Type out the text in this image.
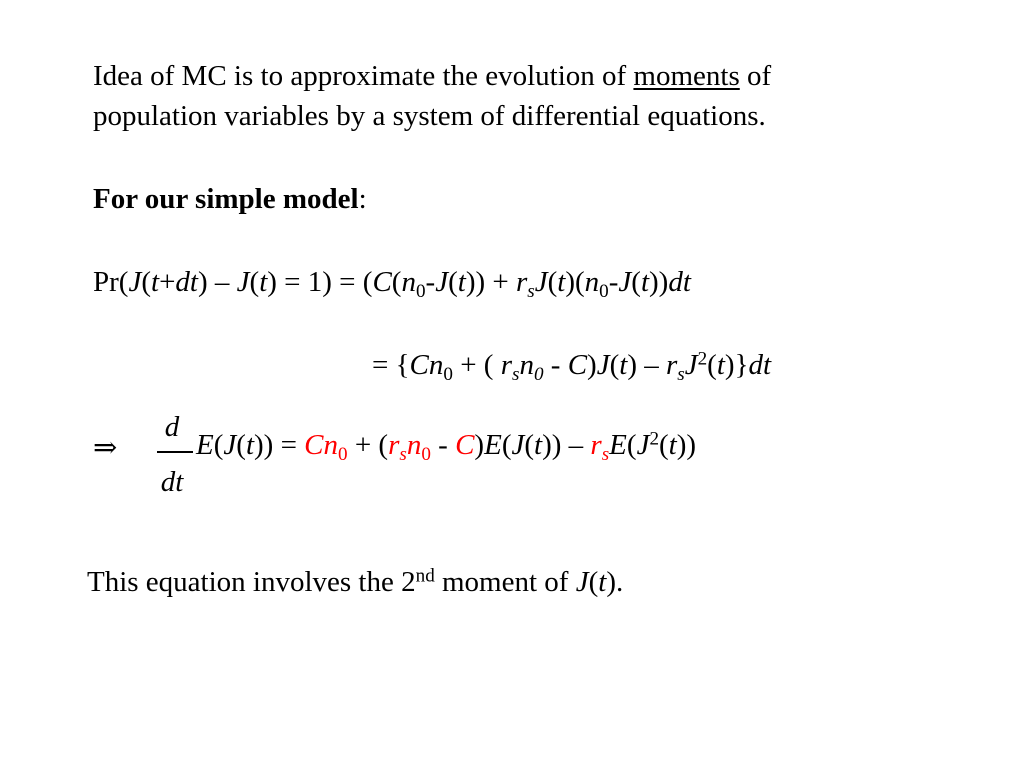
Idea of MC is to approximate the evolution of moments of
population variables by a system of differential equations.
For our simple model:
$Pr(J(t+dt) - J(t) = 1) = (C(n_0-J(t)) + r_sJ(t)(n_0-J(t))dt$
= {$Cn_0$ + ( $r_sn_0 - C)J(t) - r_sJ^2(t)\}dt$
⇒
d
dt
$E(J(t)) = Cn_0 + (r_sn_0 - C)E(J(t)) - r_sE(J^2(t))$
This equation involves the 2nd moment of J(t).
